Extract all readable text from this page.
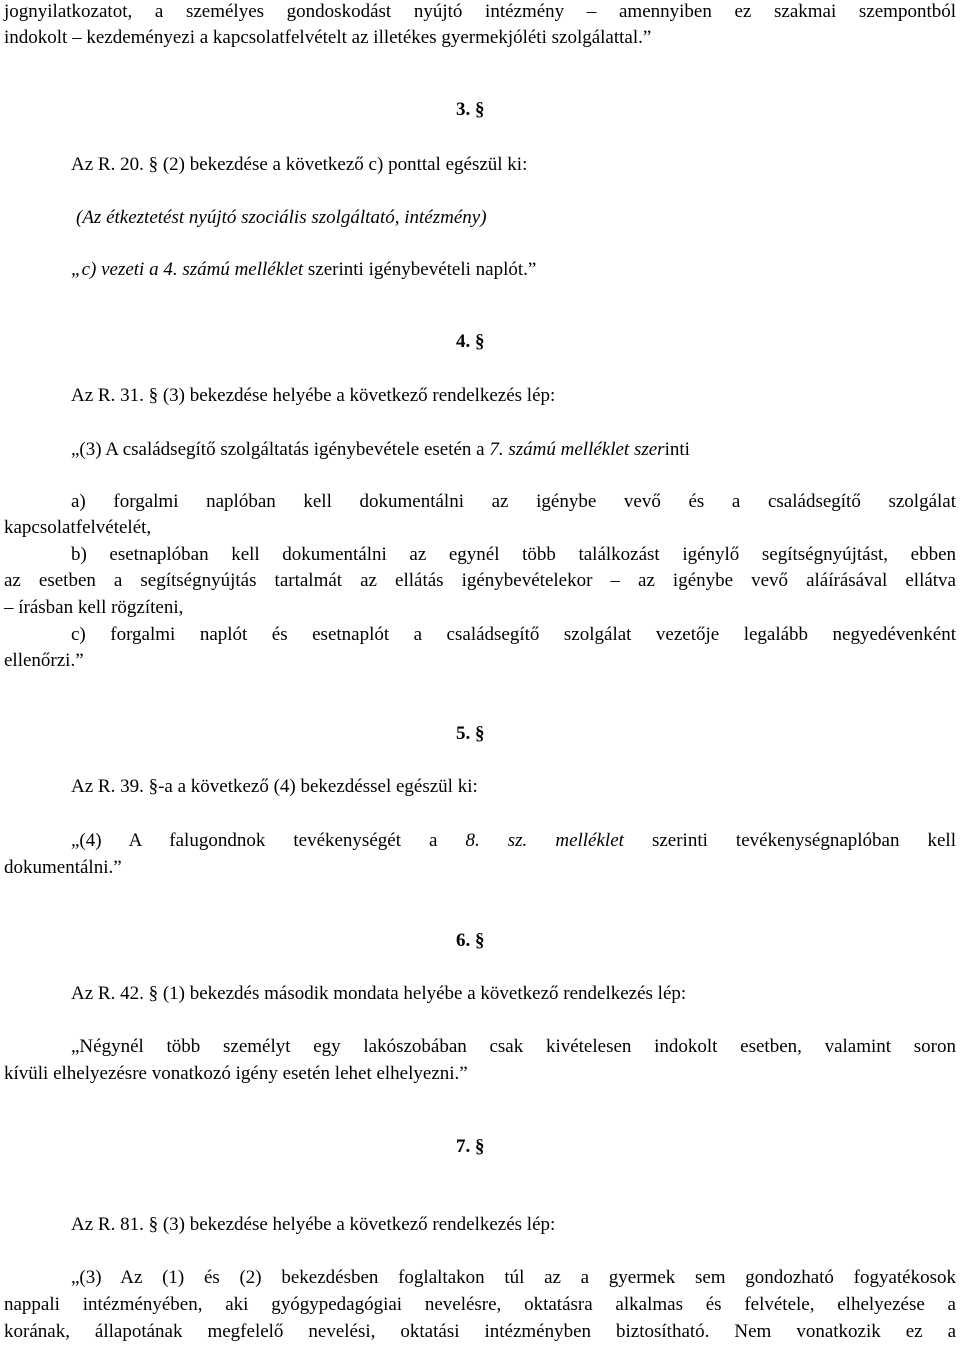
jognyilatkozatot, a személyes gondoskodást nyújtó intézmény – amennyiben ez szakmai szempontból
indokolt – kezdeményezi a kapcsolatfelvételt az illetékes gyermekjóléti szolgálattal.”
3. §
Az R. 20. § (2) bekezdése a következő c) ponttal egészül ki:
(Az étkeztetést nyújtó szociális szolgáltató, intézmény)
„c) vezeti a 4. számú melléklet szerinti igénybevételi naplót.”
4. §
Az R. 31. § (3) bekezdése helyébe a következő rendelkezés lép:
„(3) A családsegítő szolgáltatás igénybevétele esetén a 7. számú melléklet szerinti
a) forgalmi naplóban kell dokumentálni az igénybe vevő és a családsegítő szolgálat
kapcsolatfelvételét,
b) esetnaplóban kell dokumentálni az egynél több találkozást igénylő segítségnyújtást, ebben
az esetben a segítségnyújtás tartalmát az ellátás igénybevételekor – az igénybe vevő aláírásával ellátva
– írásban kell rögzíteni,
c) forgalmi naplót és esetnaplót a családsegítő szolgálat vezetője legalább negyedévenként
ellenőrzi.”
5. §
Az R. 39. §-a a következő (4) bekezdéssel egészül ki:
„(4) A falugondnok tevékenységét a 8. sz. melléklet szerinti tevékenységnaplóban kell
dokumentálni.”
6. §
Az R. 42. § (1) bekezdés második mondata helyébe a következő rendelkezés lép:
„Négynél több személyt egy lakószobában csak kivételesen indokolt esetben, valamint soron
kívüli elhelyezésre vonatkozó igény esetén lehet elhelyezni.”
7. §
Az R. 81. § (3) bekezdése helyébe a következő rendelkezés lép:
„(3) Az (1) és (2) bekezdésben foglaltakon túl az a gyermek sem gondozható fogyatékosok
nappali intézményében, aki gyógypedagógiai nevelésre, oktatásra alkalmas és felvétele, elhelyezése a
korának, állapotának megfelelő nevelési, oktatási intézményben biztosítható. Nem vonatkozik ez a
